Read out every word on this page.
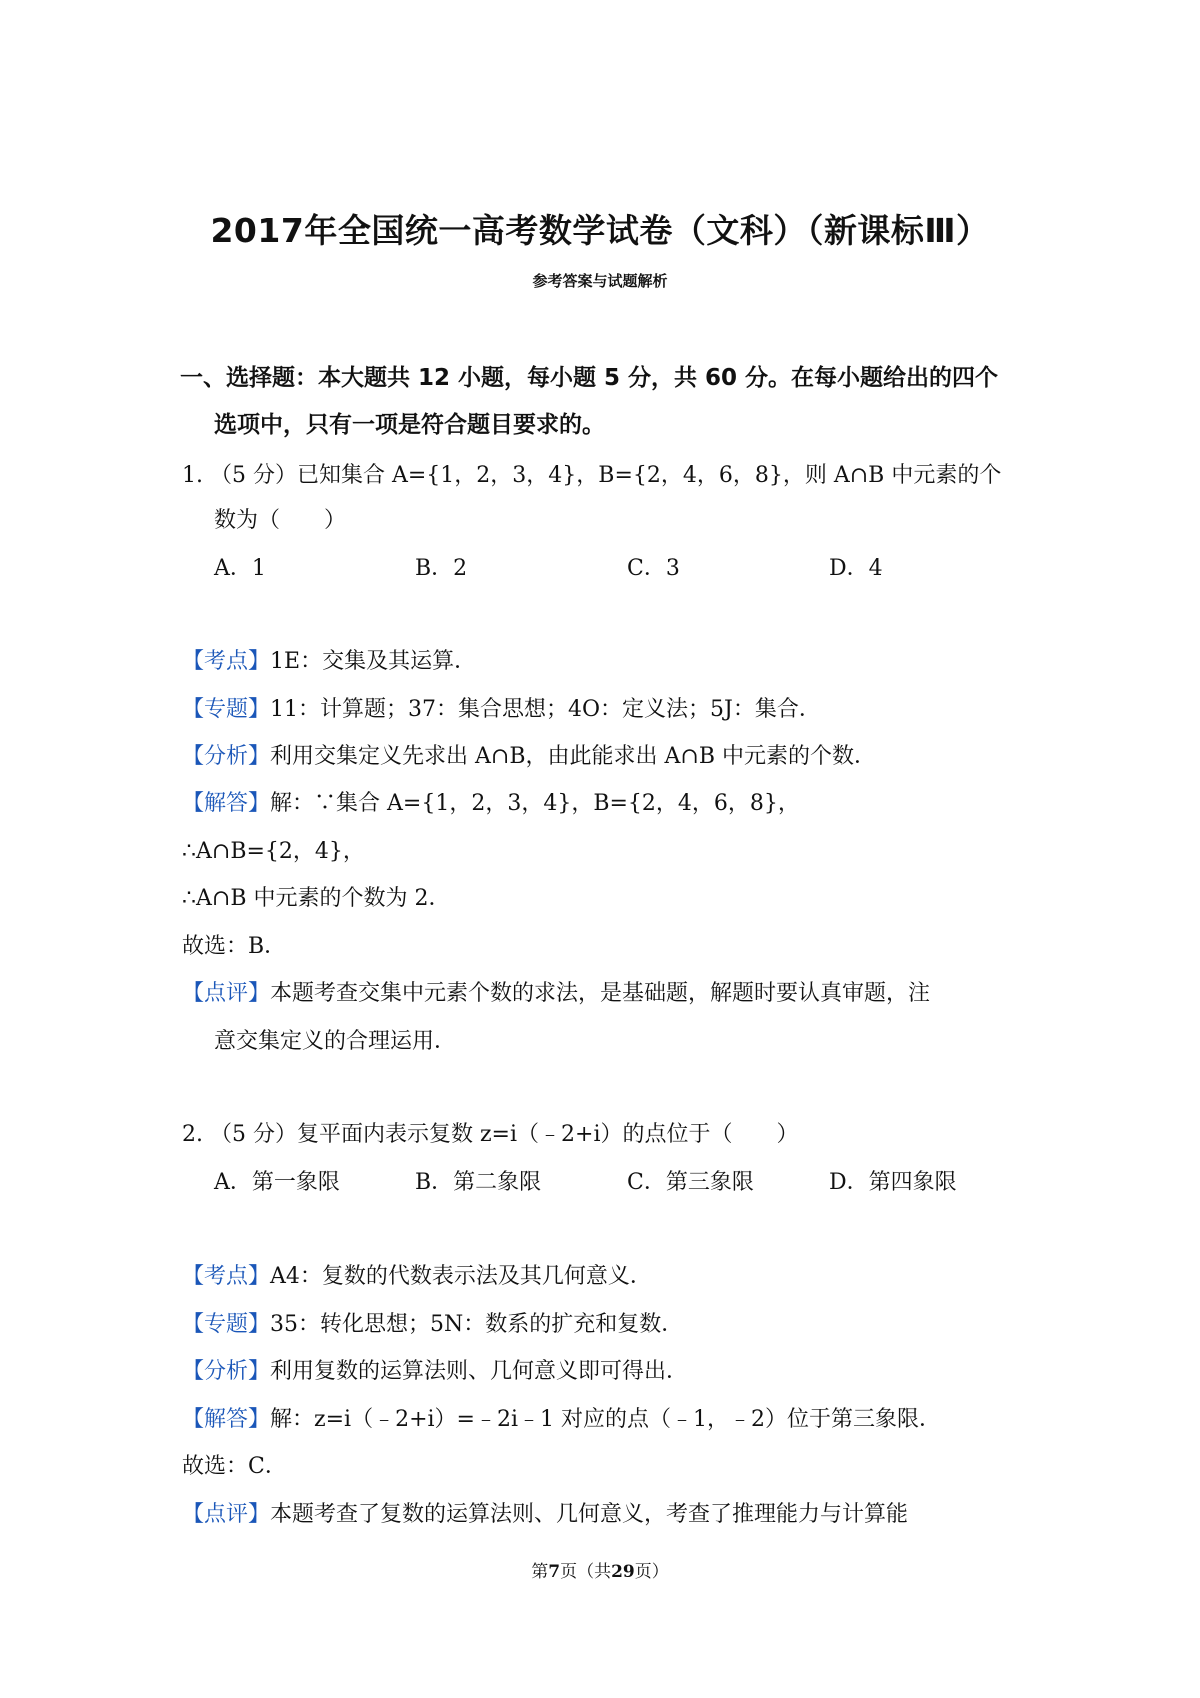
2017年全国统一高考数学试卷（文科）（新课标Ⅲ）
参考答案与试题解析
一、选择题：本大题共 12 小题，每小题 5 分，共 60 分。在每小题给出的四个
选项中，只有一项是符合题目要求的。
1. （5 分）已知集合 A={1，2，3，4}，B={2，4，6，8}，则 A∩B 中元素的个
数为（　　）
A．1	B．2	C．3	D．4
【考点】1E：交集及其运算．
【专题】11：计算题；37：集合思想；4O：定义法；5J：集合．
【分析】利用交集定义先求出 A∩B，由此能求出 A∩B 中元素的个数．
【解答】解：∵集合 A={1，2，3，4}，B={2，4，6，8}，
∴A∩B={2，4}，
∴A∩B 中元素的个数为 2．
故选：B．
【点评】本题考查交集中元素个数的求法，是基础题，解题时要认真审题，注
意交集定义的合理运用．
2. （5 分）复平面内表示复数 z=i（﹣2+i）的点位于（　　）
A．第一象限	B．第二象限	C．第三象限	D．第四象限
【考点】A4：复数的代数表示法及其几何意义．
【专题】35：转化思想；5N：数系的扩充和复数．
【分析】利用复数的运算法则、几何意义即可得出．
【解答】解：z=i（﹣2+i）=﹣2i﹣1 对应的点（﹣1，﹣2）位于第三象限．
故选：C．
【点评】本题考查了复数的运算法则、几何意义，考查了推理能力与计算能
第7页（共29页）
